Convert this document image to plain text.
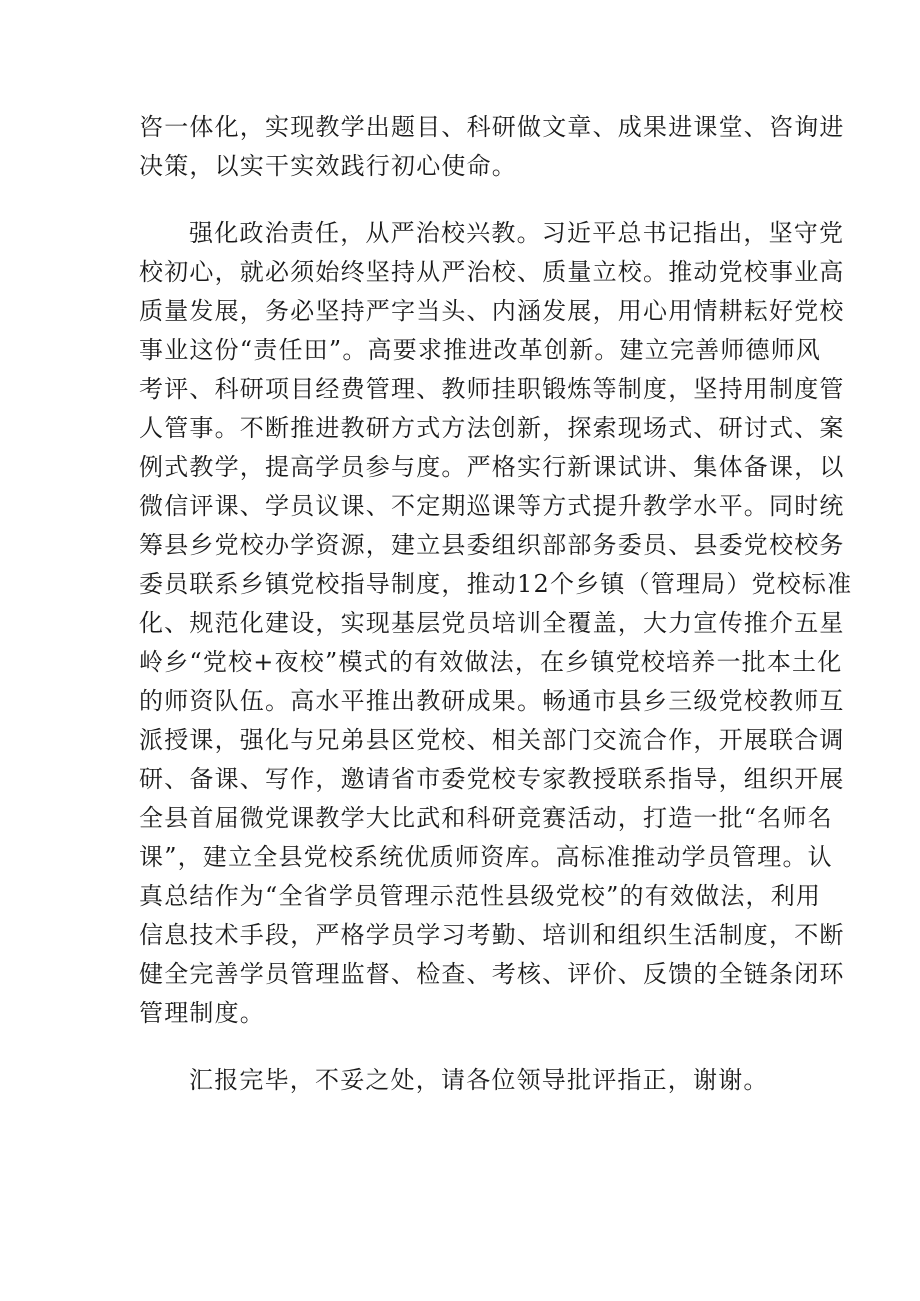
咨一体化，实现教学出题目、科研做文章、成果进课堂、咨询进
决策，以实干实效践行初心使命。
强化政治责任，从严治校兴教。习近平总书记指出，坚守党
校初心，就必须始终坚持从严治校、质量立校。推动党校事业高
质量发展，务必坚持严字当头、内涵发展，用心用情耕耘好党校
事业这份“责任田”。高要求推进改革创新。建立完善师德师风
考评、科研项目经费管理、教师挂职锻炼等制度，坚持用制度管
人管事。不断推进教研方式方法创新，探索现场式、研讨式、案
例式教学，提高学员参与度。严格实行新课试讲、集体备课，以
微信评课、学员议课、不定期巡课等方式提升教学水平。同时统
筹县乡党校办学资源，建立县委组织部部务委员、县委党校校务
委员联系乡镇党校指导制度，推动12个乡镇（管理局）党校标准
化、规范化建设，实现基层党员培训全覆盖，大力宣传推介五星
岭乡“党校+夜校”模式的有效做法，在乡镇党校培养一批本土化
的师资队伍。高水平推出教研成果。畅通市县乡三级党校教师互
派授课，强化与兄弟县区党校、相关部门交流合作，开展联合调
研、备课、写作，邀请省市委党校专家教授联系指导，组织开展
全县首届微党课教学大比武和科研竞赛活动，打造一批“名师名
课”，建立全县党校系统优质师资库。高标准推动学员管理。认
真总结作为“全省学员管理示范性县级党校”的有效做法，利用
信息技术手段，严格学员学习考勤、培训和组织生活制度，不断
健全完善学员管理监督、检查、考核、评价、反馈的全链条闭环
管理制度。
汇报完毕，不妥之处，请各位领导批评指正，谢谢。
